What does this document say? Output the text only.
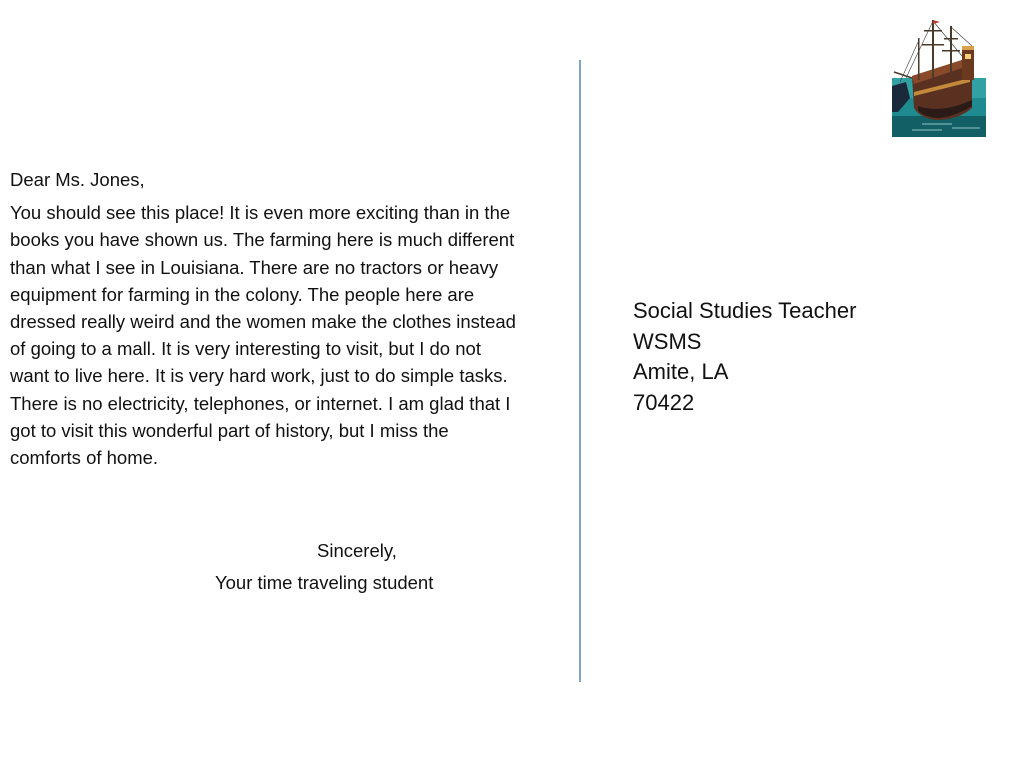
Dear Ms. Jones,

You should see this place! It is even more exciting than in the books you have shown us. The farming here is much different than what I see in Louisiana. There are no tractors or heavy equipment for farming in the colony. The people here are dressed really weird and the women make the clothes instead of going to a mall. It is very interesting to visit, but I do not want to live here. It is very hard work, just to do simple tasks. There is no electricity, telephones, or internet. I am glad that I got to visit this wonderful part of history, but I miss the comforts of home.

Sincerely,
Your time traveling student
Social Studies Teacher
WSMS
Amite, LA
70422
